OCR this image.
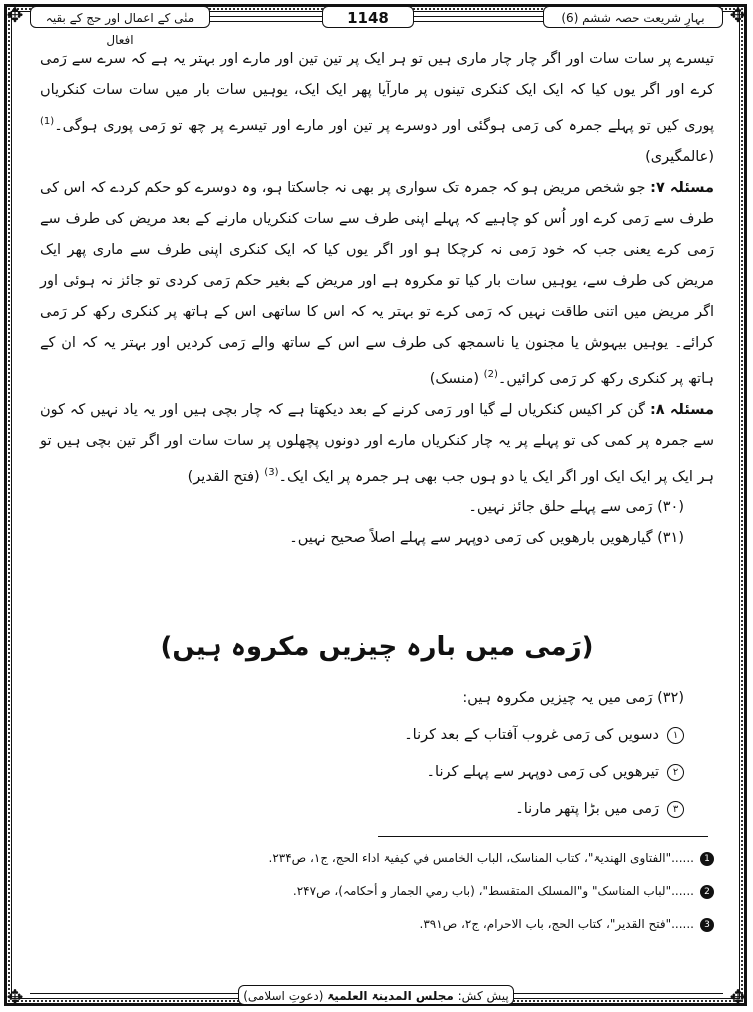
✥	✥
✥	✥
بہارِ شریعت حصہ ششم (6)
1148
منٰی کے اعمال اور حج کے بقیہ افعال

تیسرے پر سات سات اور اگر چار چار ماری ہیں تو ہر ایک پر تین تین اور مارے اور بہتر یہ ہے کہ سرے سے رَمی کرے اور اگر یوں کیا کہ ایک ایک کنکری تینوں پر مارآیا پھر ایک ایک، یوہیں سات بار میں سات سات کنکریاں پوری کیں تو پہلے جمرہ کی رَمی ہوگئی اور دوسرے پر تین اور مارے اور تیسرے پر چھ تو رَمی پوری ہوگی۔$^{(1)}$ (عالمگیری)

مسئلہ ۷: جو شخص مریض ہو کہ جمرہ تک سواری پر بھی نہ جاسکتا ہو، وہ دوسرے کو حکم کردے کہ اس کی طرف سے رَمی کرے اور اُس کو چاہیے کہ پہلے اپنی طرف سے سات کنکریاں مارنے کے بعد مریض کی طرف سے رَمی کرے یعنی جب کہ خود رَمی نہ کرچکا ہو اور اگر یوں کیا کہ ایک کنکری اپنی طرف سے ماری پھر ایک مریض کی طرف سے، یوہیں سات بار کیا تو مکروہ ہے اور مریض کے بغیر حکم رَمی کردی تو جائز نہ ہوئی اور اگر مریض میں اتنی طاقت نہیں کہ رَمی کرے تو بہتر یہ کہ اس کا ساتھی اس کے ہاتھ پر کنکری رکھ کر رَمی کرائے۔ یوہیں بیہوش یا مجنون یا ناسمجھ کی طرف سے اس کے ساتھ والے رَمی کردیں اور بہتر یہ کہ ان کے ہاتھ پر کنکری رکھ کر رَمی کرائیں۔$^{(2)}$ (منسک)

مسئلہ ۸: گن کر اکیس کنکریاں لے گیا اور رَمی کرنے کے بعد دیکھتا ہے کہ چار بچی ہیں اور یہ یاد نہیں کہ کون سے جمرہ پر کمی کی تو پہلے پر یہ چار کنکریاں مارے اور دونوں پچھلوں پر سات سات اور اگر تین بچی ہیں تو ہر ایک پر ایک ایک اور اگر ایک یا دو ہوں جب بھی ہر جمرہ پر ایک ایک۔$^{(3)}$ (فتح القدیر)

(۳۰) رَمی سے پہلے حلق جائز نہیں۔

(۳۱) گیارھویں بارھویں کی رَمی دوپہر سے پہلے اصلاً صحیح نہیں۔

(رَمی میں بارہ چیزیں مکروہ ہیں)

(۳۲) رَمی میں یہ چیزیں مکروہ ہیں:

١دسویں کی رَمی غروب آفتاب کے بعد کرنا۔

٢تیرھویں کی رَمی دوپہر سے پہلے کرنا۔

٣رَمی میں بڑا پتھر مارنا۔

1......"الفتاوی الھندیۃ"، کتاب المناسک، الباب الخامس في کیفیۃ اداء الحج، ج۱، ص۲۳۴.

2......"لباب المناسک" و"المسلک المتقسط"، (باب رمي الجمار و أحکامہ)، ص۲۴۷.

3......"فتح القدیر"، کتاب الحج، باب الاحرام، ج۲، ص۳۹۱.

پیش کش: مجلس المدینۃ العلمیۃ (دعوتِ اسلامی)
